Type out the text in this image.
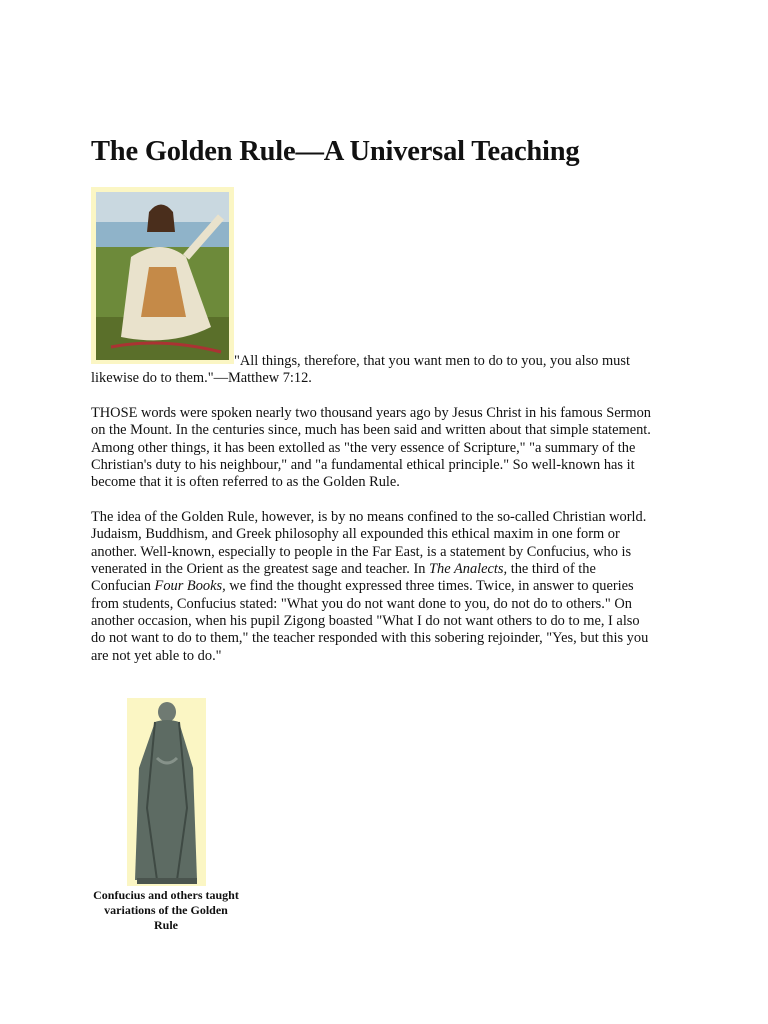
The Golden Rule—A Universal Teaching
"All things, therefore, that you want men to do to you, you also must
likewise do to them."—Matthew 7:12.
THOSE words were spoken nearly two thousand years ago by Jesus Christ in his famous Sermon
on the Mount. In the centuries since, much has been said and written about that simple statement.
Among other things, it has been extolled as "the very essence of Scripture," "a summary of the
Christian's duty to his neighbour," and "a fundamental ethical principle." So well-known has it
become that it is often referred to as the Golden Rule.
The idea of the Golden Rule, however, is by no means confined to the so-called Christian world.
Judaism, Buddhism, and Greek philosophy all expounded this ethical maxim in one form or
another. Well-known, especially to people in the Far East, is a statement by Confucius, who is
venerated in the Orient as the greatest sage and teacher. In The Analects, the third of the
Confucian Four Books, we find the thought expressed three times. Twice, in answer to queries
from students, Confucius stated: "What you do not want done to you, do not do to others." On
another occasion, when his pupil Zigong boasted "What I do not want others to do to me, I also
do not want to do to them," the teacher responded with this sobering rejoinder, "Yes, but this you
are not yet able to do."
Confucius and others taught
variations of the Golden
Rule
